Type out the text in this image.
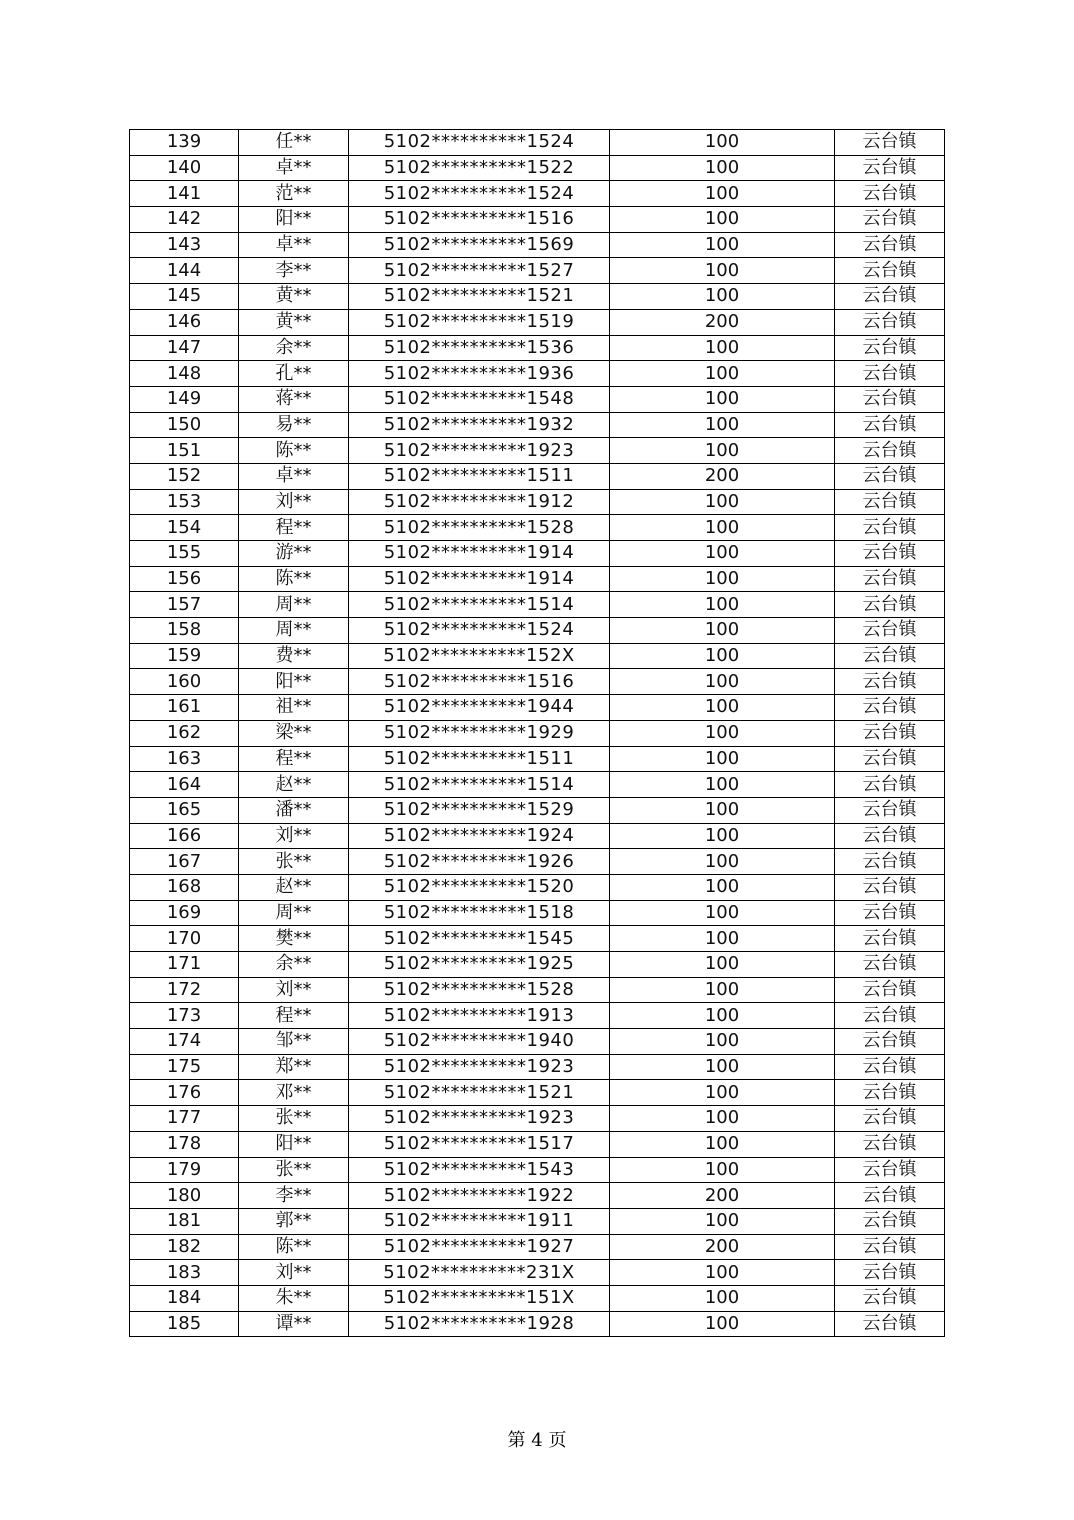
139	任**	5102**********1524	100	云台镇
140	卓**	5102**********1522	100	云台镇
141	范**	5102**********1524	100	云台镇
142	阳**	5102**********1516	100	云台镇
143	卓**	5102**********1569	100	云台镇
144	李**	5102**********1527	100	云台镇
145	黄**	5102**********1521	100	云台镇
146	黄**	5102**********1519	200	云台镇
147	余**	5102**********1536	100	云台镇
148	孔**	5102**********1936	100	云台镇
149	蒋**	5102**********1548	100	云台镇
150	易**	5102**********1932	100	云台镇
151	陈**	5102**********1923	100	云台镇
152	卓**	5102**********1511	200	云台镇
153	刘**	5102**********1912	100	云台镇
154	程**	5102**********1528	100	云台镇
155	游**	5102**********1914	100	云台镇
156	陈**	5102**********1914	100	云台镇
157	周**	5102**********1514	100	云台镇
158	周**	5102**********1524	100	云台镇
159	费**	5102**********152X	100	云台镇
160	阳**	5102**********1516	100	云台镇
161	祖**	5102**********1944	100	云台镇
162	梁**	5102**********1929	100	云台镇
163	程**	5102**********1511	100	云台镇
164	赵**	5102**********1514	100	云台镇
165	潘**	5102**********1529	100	云台镇
166	刘**	5102**********1924	100	云台镇
167	张**	5102**********1926	100	云台镇
168	赵**	5102**********1520	100	云台镇
169	周**	5102**********1518	100	云台镇
170	樊**	5102**********1545	100	云台镇
171	余**	5102**********1925	100	云台镇
172	刘**	5102**********1528	100	云台镇
173	程**	5102**********1913	100	云台镇
174	邹**	5102**********1940	100	云台镇
175	郑**	5102**********1923	100	云台镇
176	邓**	5102**********1521	100	云台镇
177	张**	5102**********1923	100	云台镇
178	阳**	5102**********1517	100	云台镇
179	张**	5102**********1543	100	云台镇
180	李**	5102**********1922	200	云台镇
181	郭**	5102**********1911	100	云台镇
182	陈**	5102**********1927	200	云台镇
183	刘**	5102**********231X	100	云台镇
184	朱**	5102**********151X	100	云台镇
185	谭**	5102**********1928	100	云台镇
第 4 页
